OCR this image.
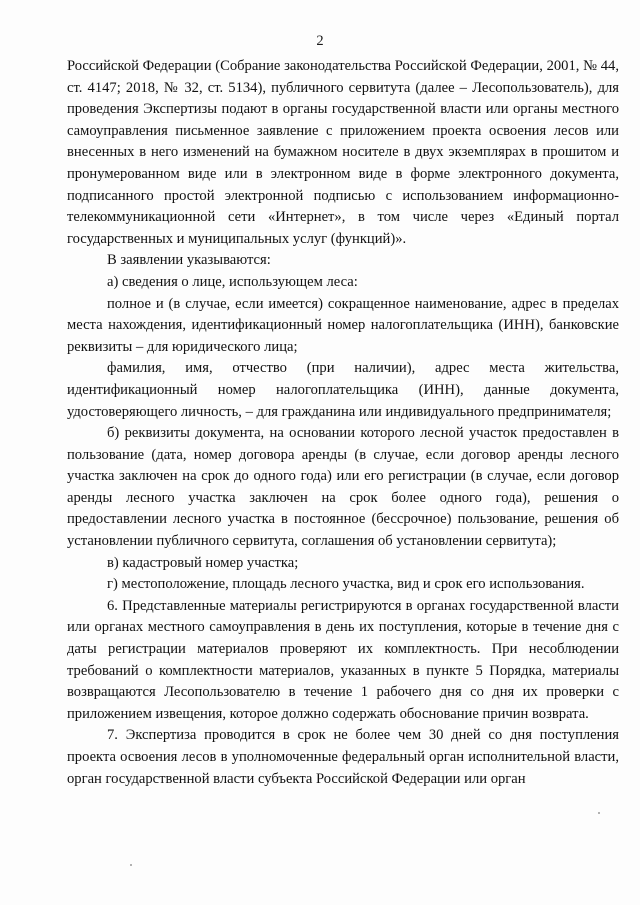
2

Российской Федерации (Собрание законодательства Российской Федерации, 2001, № 44, ст. 4147; 2018, № 32, ст. 5134), публичного сервитута (далее – Лесопользователь), для проведения Экспертизы подают в органы государственной власти или органы местного самоуправления письменное заявление с приложением проекта освоения лесов или внесенных в него изменений на бумажном носителе в двух экземплярах в прошитом и пронумерованном виде или в электронном виде в форме электронного документа, подписанного простой электронной подписью с использованием информационно-телекоммуникационной сети «Интернет», в том числе через «Единый портал государственных и муниципальных услуг (функций)».

В заявлении указываются:

а) сведения о лице, использующем леса:

полное и (в случае, если имеется) сокращенное наименование, адрес в пределах места нахождения, идентификационный номер налогоплательщика (ИНН), банковские реквизиты – для юридического лица;

фамилия, имя, отчество (при наличии), адрес места жительства, идентификационный номер налогоплательщика (ИНН), данные документа, удостоверяющего личность, – для гражданина или индивидуального предпринимателя;

б) реквизиты документа, на основании которого лесной участок предоставлен в пользование (дата, номер договора аренды (в случае, если договор аренды лесного участка заключен на срок до одного года) или его регистрации (в случае, если договор аренды лесного участка заключен на срок более одного года), решения о предоставлении лесного участка в постоянное (бессрочное) пользование, решения об установлении публичного сервитута, соглашения об установлении сервитута);

в) кадастровый номер участка;

г) местоположение, площадь лесного участка, вид и срок его использования.

6. Представленные материалы регистрируются в органах государственной власти или органах местного самоуправления в день их поступления, которые в течение дня с даты регистрации материалов проверяют их комплектность. При несоблюдении требований о комплектности материалов, указанных в пункте 5 Порядка, материалы возвращаются Лесопользователю в течение 1 рабочего дня со дня их проверки с приложением извещения, которое должно содержать обоснование причин возврата.

7. Экспертиза проводится в срок не более чем 30 дней со дня поступления проекта освоения лесов в уполномоченные федеральный орган исполнительной власти, орган государственной власти субъекта Российской Федерации или орган
